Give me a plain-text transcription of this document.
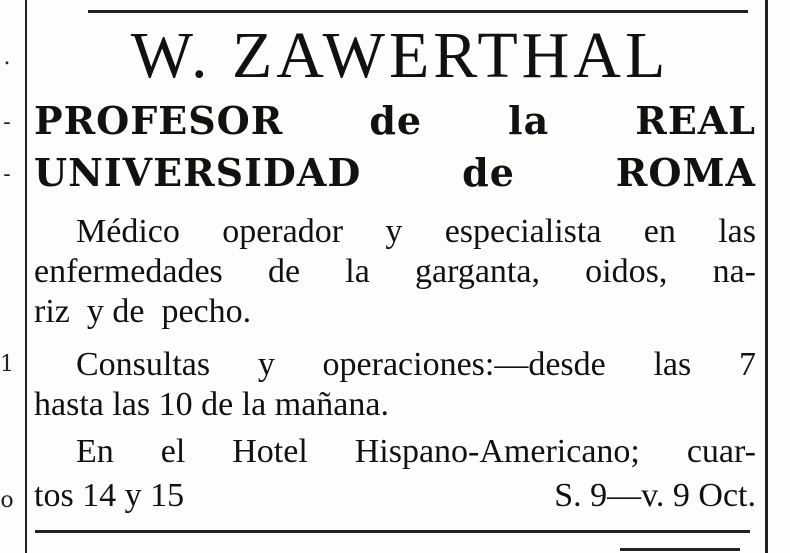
.
-
-
1
o
W. ZAWERTHAL
PROFESOR de la REAL
UNIVERSIDAD	de	ROMA
Médico operador y especialista en las
enfermedades de la garganta, oidos, na-
riz  y de  pecho.
Consultas y operaciones:—desde las 7
hasta las 10 de la mañana.
En el Hotel Hispano-Americano; cuar-
tos 14 y 15	S. 9—v. 9 Oct.
